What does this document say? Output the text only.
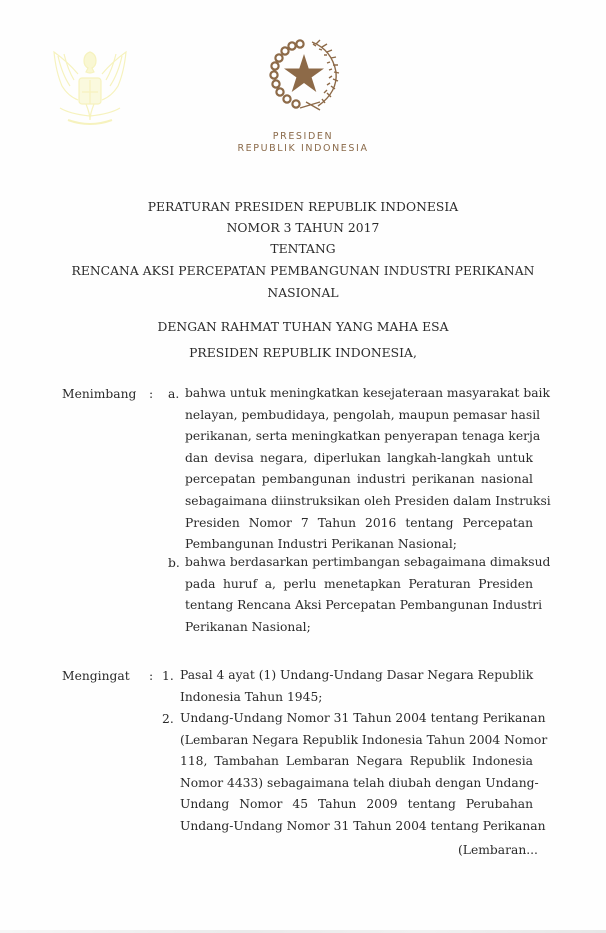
PRESIDEN
REPUBLIK INDONESIA
PERATURAN PRESIDEN REPUBLIK INDONESIA
NOMOR 3 TAHUN 2017
TENTANG
RENCANA AKSI PERCEPATAN PEMBANGUNAN INDUSTRI PERIKANAN
NASIONAL
DENGAN RAHMAT TUHAN YANG MAHA ESA
PRESIDEN REPUBLIK INDONESIA,
Menimbang : a. bahwa untuk meningkatkan kesejateraan masyarakat baik
nelayan, pembudidaya, pengolah, maupun pemasar hasil
perikanan, serta meningkatkan penyerapan tenaga kerja
dan devisa negara, diperlukan langkah-langkah untuk
percepatan pembangunan industri perikanan nasional
sebagaimana diinstruksikan oleh Presiden dalam Instruksi
Presiden Nomor 7 Tahun 2016 tentang Percepatan
Pembangunan Industri Perikanan Nasional;
b. bahwa berdasarkan pertimbangan sebagaimana dimaksud
pada huruf a, perlu menetapkan Peraturan Presiden
tentang Rencana Aksi Percepatan Pembangunan Industri
Perikanan Nasional;
Mengingat : 1. Pasal 4 ayat (1) Undang-Undang Dasar Negara Republik
Indonesia Tahun 1945;
2. Undang-Undang Nomor 31 Tahun 2004 tentang Perikanan
(Lembaran Negara Republik Indonesia Tahun 2004 Nomor
118, Tambahan Lembaran Negara Republik Indonesia
Nomor 4433) sebagaimana telah diubah dengan Undang-
Undang Nomor 45 Tahun 2009 tentang Perubahan
Undang-Undang Nomor 31 Tahun 2004 tentang Perikanan
(Lembaran...
